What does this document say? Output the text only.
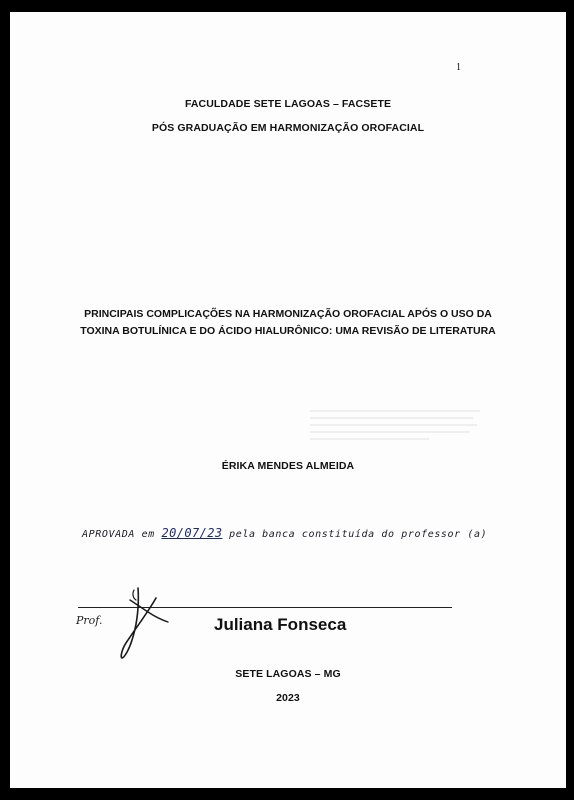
1
FACULDADE SETE LAGOAS – FACSETE
PÓS GRADUAÇÃO EM HARMONIZAÇÃO OROFACIAL
PRINCIPAIS COMPLICAÇÕES NA HARMONIZAÇÃO OROFACIAL APÓS O USO DA
TOXINA BOTULÍNICA E DO ÁCIDO HIALURÔNICO: UMA REVISÃO DE LITERATURA
ÉRIKA MENDES ALMEIDA
APROVADA em 20/07/23 pela banca constituída do professor (a)
Prof.	Juliana Fonseca
SETE LAGOAS – MG
2023
